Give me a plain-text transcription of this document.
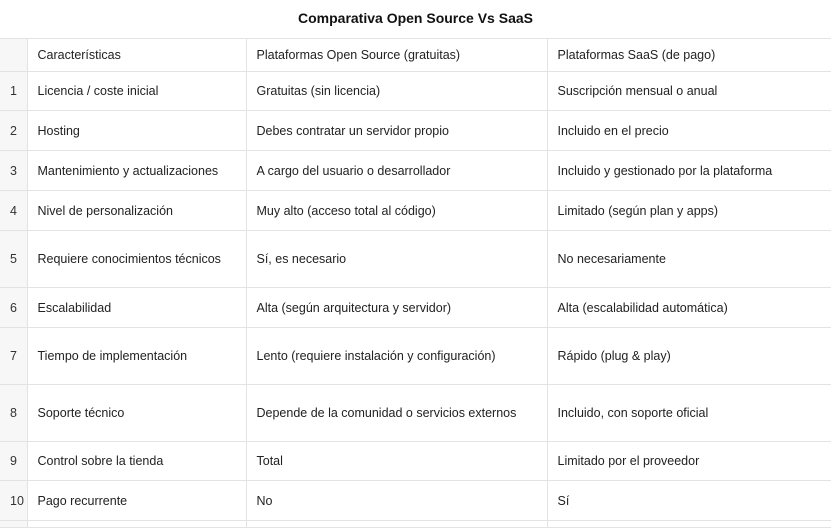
Comparativa Open Source Vs SaaS
	Características	Plataformas Open Source (gratuitas)	Plataformas SaaS (de pago)
1	Licencia / coste inicial	Gratuitas (sin licencia)	Suscripción mensual o anual
2	Hosting	Debes contratar un servidor propio	Incluido en el precio
3	Mantenimiento y actualizaciones	A cargo del usuario o desarrollador	Incluido y gestionado por la plataforma
4	Nivel de personalización	Muy alto (acceso total al código)	Limitado (según plan y apps)
5	Requiere conocimientos técnicos	Sí, es necesario	No necesariamente
6	Escalabilidad	Alta (según arquitectura y servidor)	Alta (escalabilidad automática)
7	Tiempo de implementación	Lento (requiere instalación y configuración)	Rápido (plug & play)
8	Soporte técnico	Depende de la comunidad o servicios externos	Incluido, con soporte oficial
9	Control sobre la tienda	Total	Limitado por el proveedor
10	Pago recurrente	No	Sí
